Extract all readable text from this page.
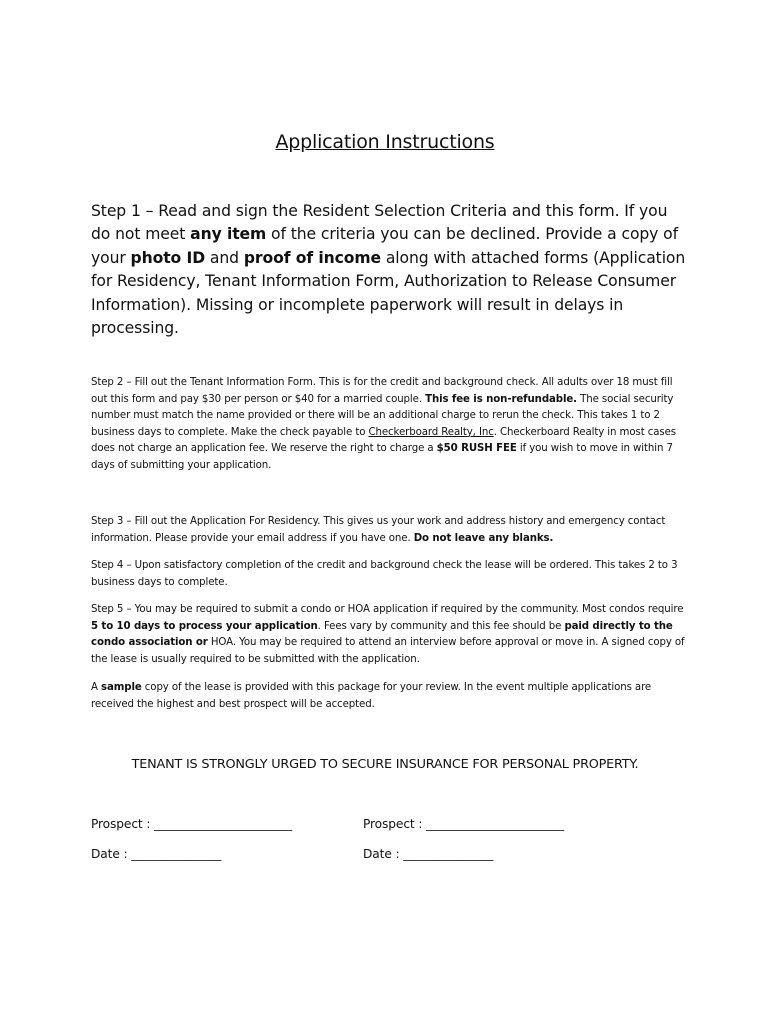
Application Instructions
Step 1 – Read and sign the Resident Selection Criteria and this form. If you do not meet any item of the criteria you can be declined. Provide a copy of your photo ID and proof of income along with attached forms (Application for Residency, Tenant Information Form, Authorization to Release Consumer Information). Missing or incomplete paperwork will result in delays in processing.
Step 2 – Fill out the Tenant Information Form. This is for the credit and background check. All adults over 18 must fill out this form and pay $30 per person or $40 for a married couple. This fee is non-refundable. The social security number must match the name provided or there will be an additional charge to rerun the check. This takes 1 to 2 business days to complete. Make the check payable to Checkerboard Realty, Inc. Checkerboard Realty in most cases does not charge an application fee. We reserve the right to charge a $50 RUSH FEE if you wish to move in within 7 days of submitting your application.
Step 3 – Fill out the Application For Residency. This gives us your work and address history and emergency contact information. Please provide your email address if you have one. Do not leave any blanks.
Step 4 – Upon satisfactory completion of the credit and background check the lease will be ordered. This takes 2 to 3 business days to complete.
Step 5 – You may be required to submit a condo or HOA application if required by the community. Most condos require 5 to 10 days to process your application. Fees vary by community and this fee should be paid directly to the condo association or HOA. You may be required to attend an interview before approval or move in. A signed copy of the lease is usually required to be submitted with the application.
A sample copy of the lease is provided with this package for your review. In the event multiple applications are received the highest and best prospect will be accepted.
TENANT IS STRONGLY URGED TO SECURE INSURANCE FOR PERSONAL PROPERTY.
Prospect : _______________________	Prospect : _______________________
Date : _______________	Date : _______________
